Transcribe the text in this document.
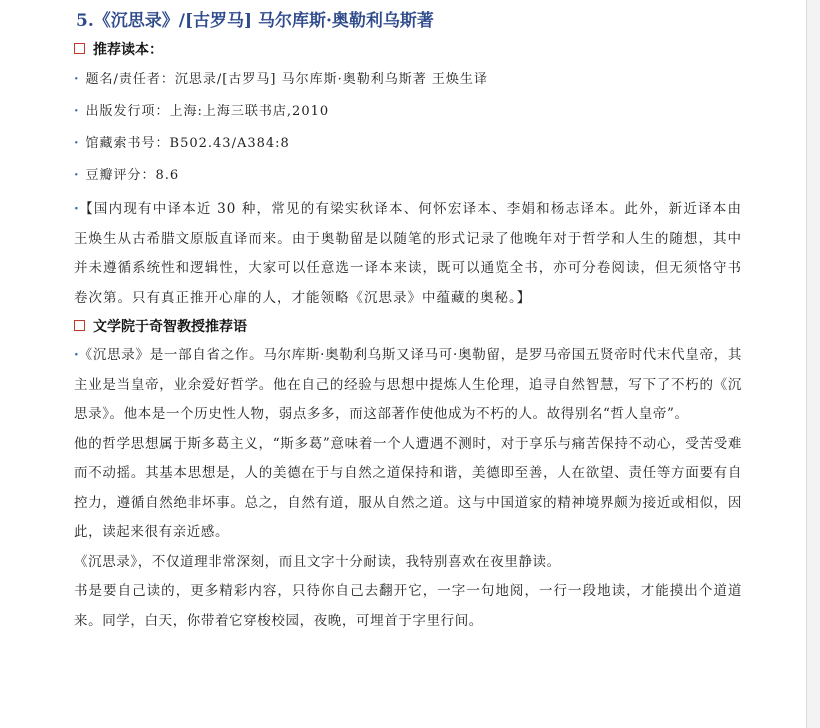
5.《沉思录》/[古罗马] 马尔库斯·奥勒利乌斯著
推荐读本：
· 题名/责任者：沉思录/[古罗马] 马尔库斯·奥勒利乌斯著 王焕生译
· 出版发行项：上海:上海三联书店,2010
· 馆藏索书号：B502.43/A384:8
· 豆瓣评分：8.6
· 【国内现有中译本近 30 种，常见的有梁实秋译本、何怀宏译本、李娟和杨志译本。此外，新近译本由王焕生从古希腊文原版直译而来。由于奥勒留是以随笔的形式记录了他晚年对于哲学和人生的随想，其中并未遵循系统性和逻辑性，大家可以任意选一译本来读，既可以通览全书，亦可分卷阅读，但无须恪守书卷次第。只有真正推开心扉的人，才能领略《沉思录》中蕴藏的奥秘。】
文学院于奇智教授推荐语
· 《沉思录》是一部自省之作。马尔库斯·奥勒利乌斯又译马可·奥勒留，是罗马帝国五贤帝时代末代皇帝，其主业是当皇帝，业余爱好哲学。他在自己的经验与思想中提炼人生伦理，追寻自然智慧，写下了不朽的《沉思录》。他本是一个历史性人物，弱点多多，而这部著作使他成为不朽的人。故得别名“哲人皇帝”。
他的哲学思想属于斯多葛主义，“斯多葛”意味着一个人遭遇不测时，对于享乐与痛苦保持不动心，受苦受难而不动摇。其基本思想是，人的美德在于与自然之道保持和谐，美德即至善，人在欲望、责任等方面要有自控力，遵循自然绝非坏事。总之，自然有道，服从自然之道。这与中国道家的精神境界颇为接近或相似，因此，读起来很有亲近感。
《沉思录》，不仅道理非常深刻，而且文字十分耐读，我特别喜欢在夜里静读。
书是要自己读的，更多精彩内容，只待你自己去翻开它，一字一句地阅，一行一段地读，才能摸出个道道来。同学，白天，你带着它穿梭校园，夜晚，可埋首于字里行间。
